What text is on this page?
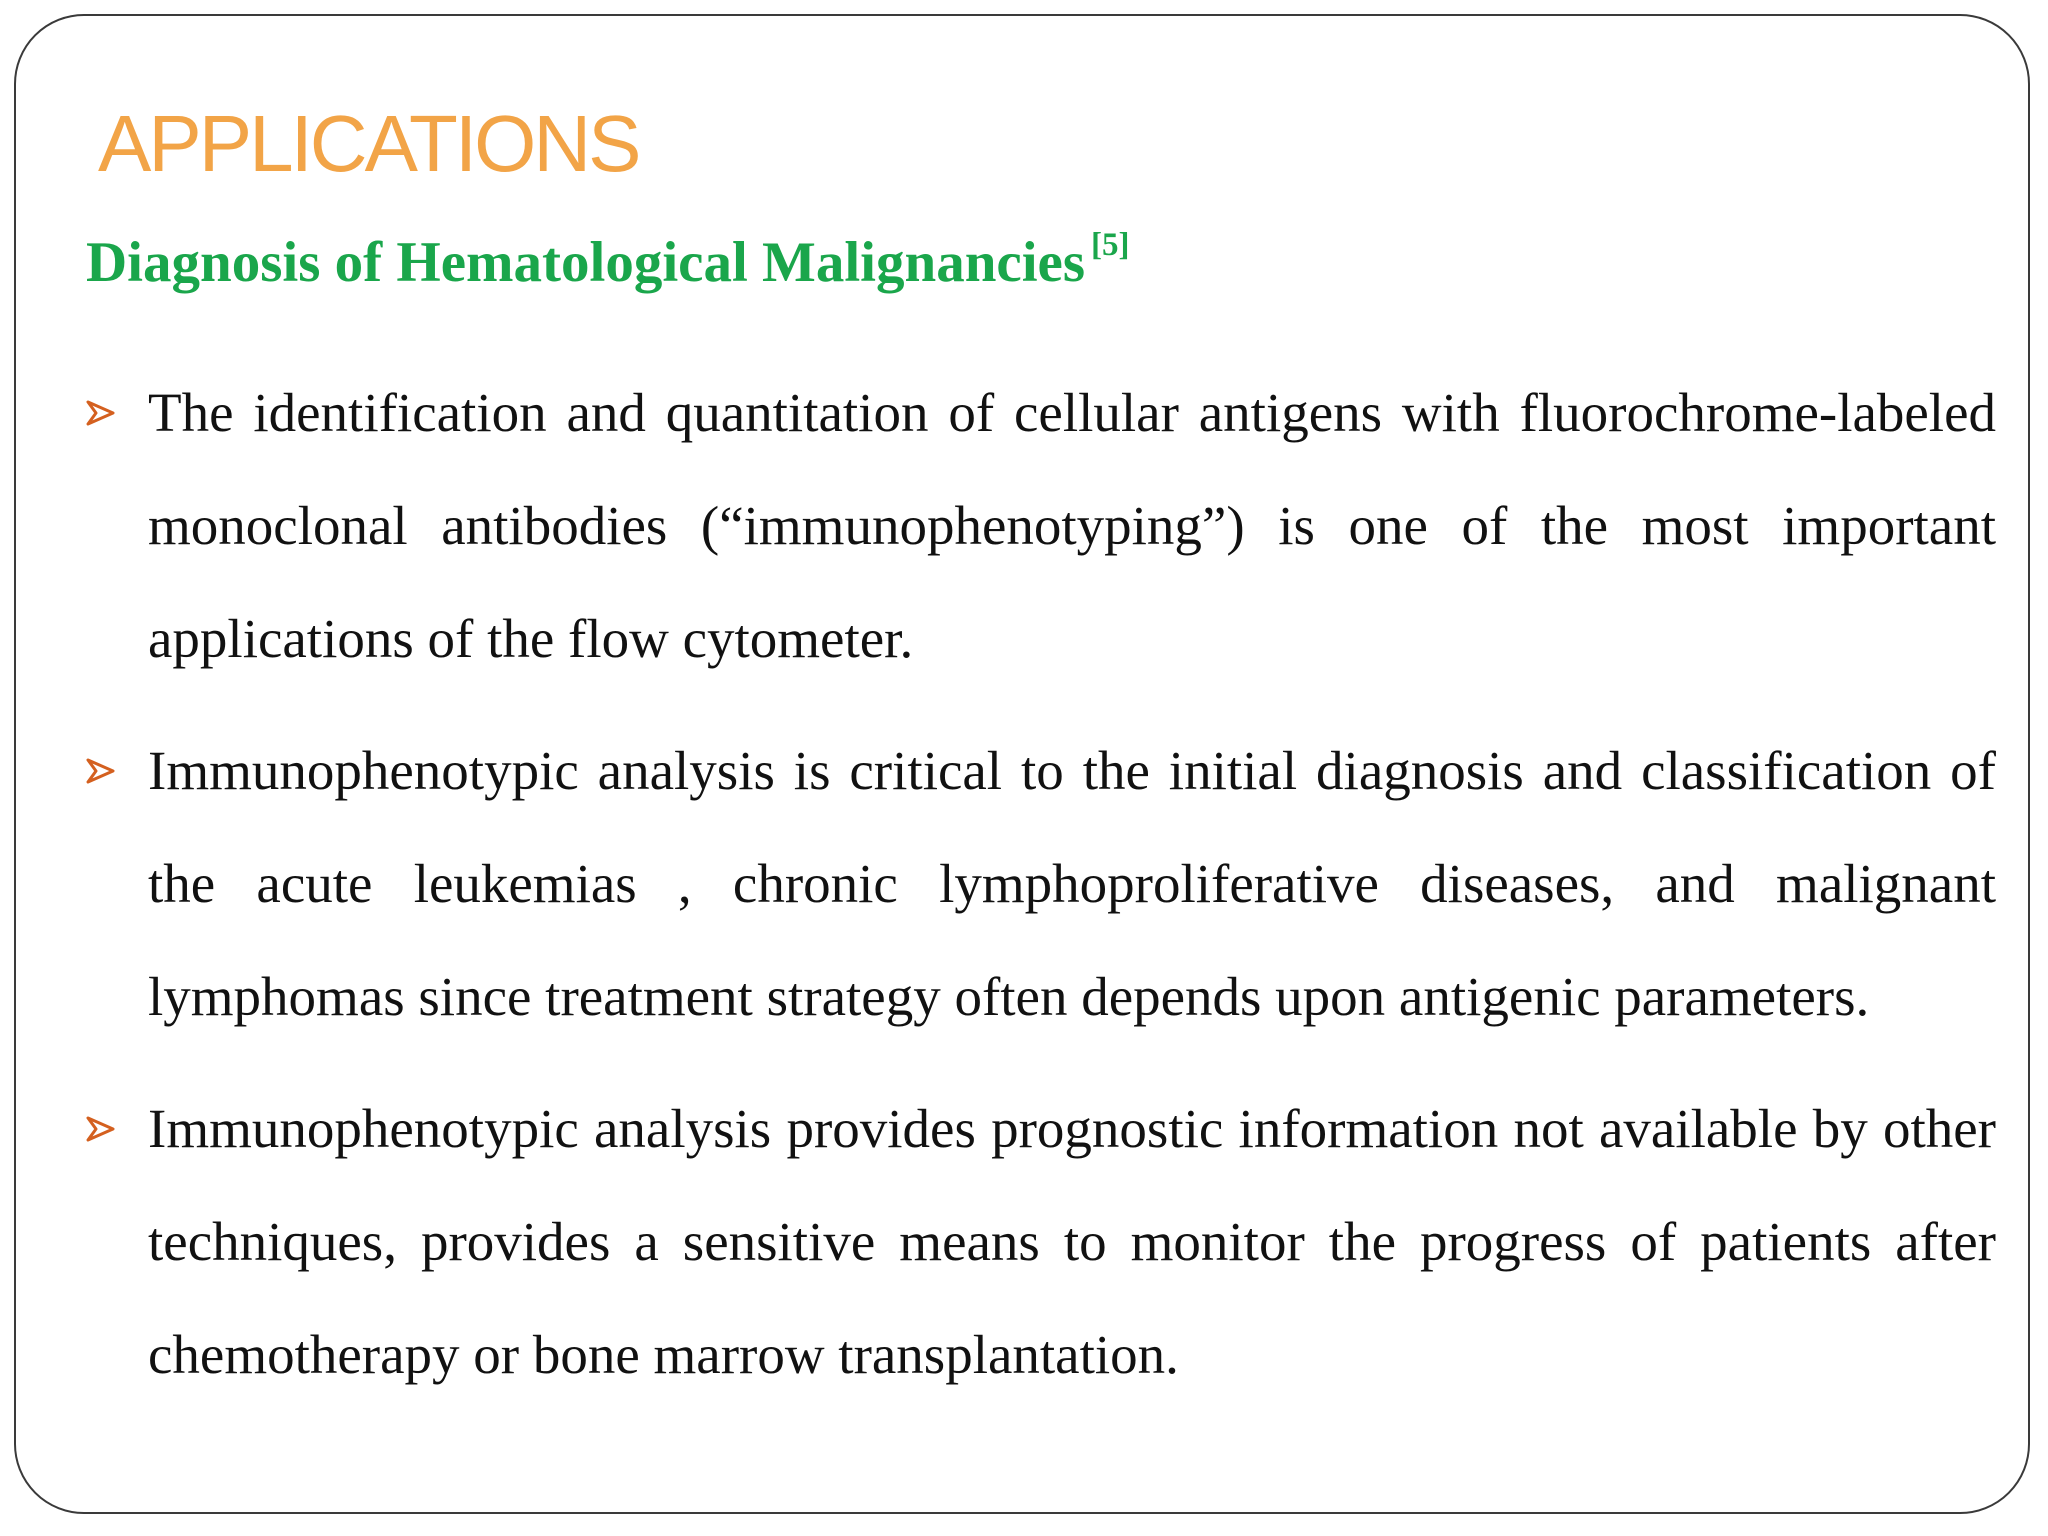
APPLICATIONS
Diagnosis of Hematological Malignancies [5]
The identification and quantitation of cellular antigens with fluorochrome-labeled monoclonal antibodies (“immunophenotyping”) is one of the most important applications of the flow cytometer.
Immunophenotypic analysis is critical to the initial diagnosis and classification of the acute leukemias , chronic lymphoproliferative diseases, and malignant lymphomas since treatment strategy often depends upon antigenic parameters.
Immunophenotypic analysis provides prognostic information not available by other techniques, provides a sensitive means to monitor the progress of patients after chemotherapy or bone marrow transplantation.
